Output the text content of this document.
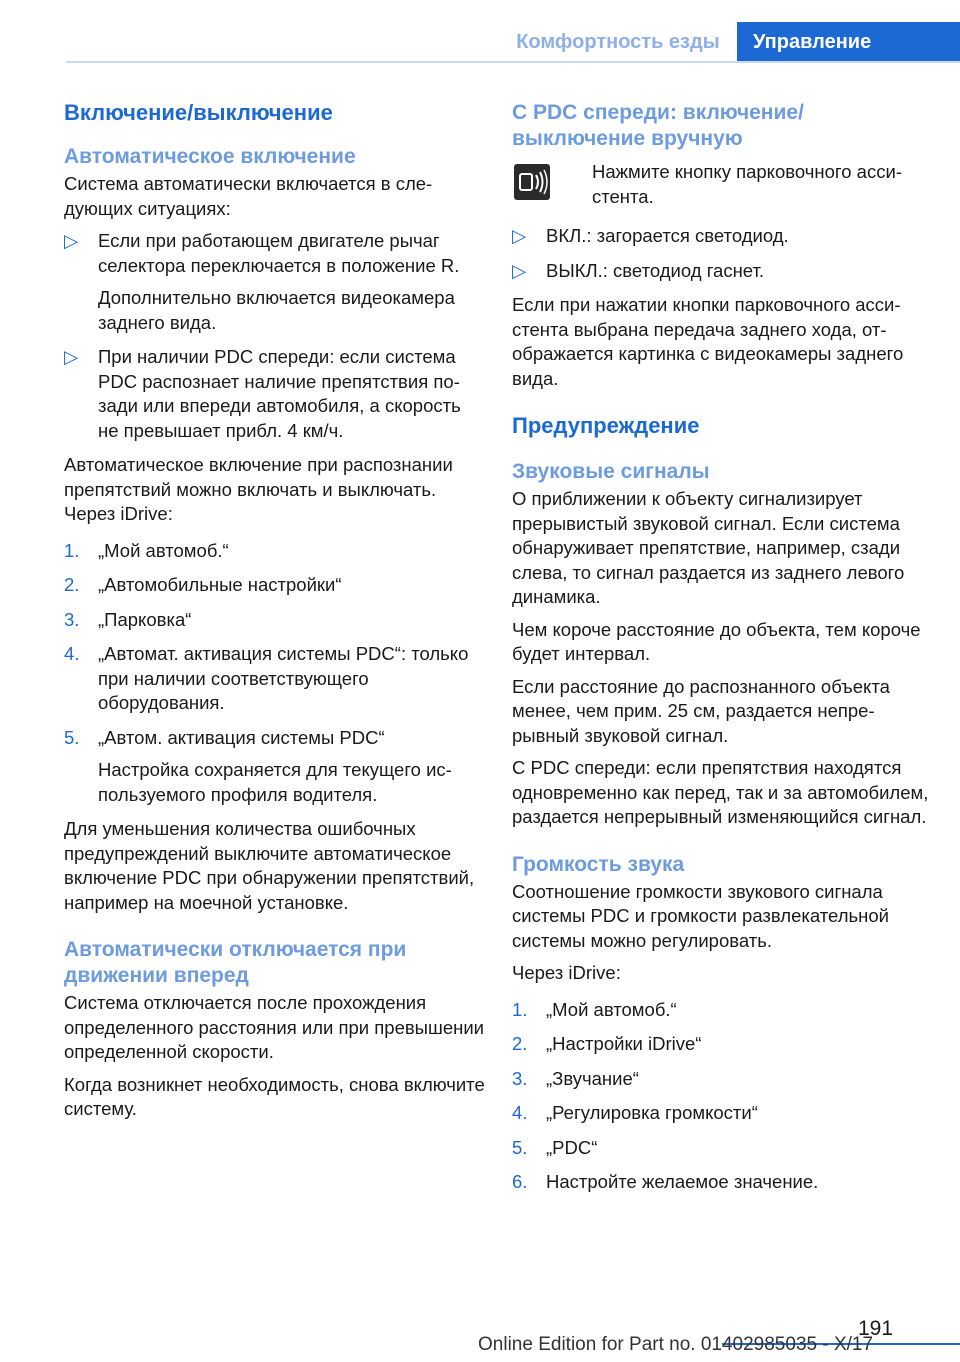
Комфортность езды	Управление
Включение/выключение
Автоматическое включение

Система автоматически включается в следующих ситуациях:

▷ Если при работающем двигателе рычаг селектора переключается в положение R.
Дополнительно включается видеокамера заднего вида.
▷ При наличии PDC спереди: если система PDC распознает наличие препятствия позади или впереди автомобиля, а скорость не превышает прибл. 4 км/ч.

Автоматическое включение при распознании препятствий можно включать и выключать. Через iDrive:

1. „Мой автомоб.“
2. „Автомобильные настройки“
3. „Парковка“
4. „Автомат. активация системы PDC“: только при наличии соответствующего оборудования.
5. „Автом. активация системы PDC“
Настройка сохраняется для текущего используемого профиля водителя.

Для уменьшения количества ошибочных предупреждений выключите автоматическое включение PDC при обнаружении препятствий, например на моечной установке.

Автоматически отключается при движении вперед

Система отключается после прохождения определенного расстояния или при превышении определенной скорости.

Когда возникнет необходимость, снова включите систему.

С PDC спереди: включение/выключение вручную
Нажмите кнопку парковочного ассистента.
▷ ВКЛ.: загорается светодиод.
▷ ВЫКЛ.: светодиод гаснет.

Если при нажатии кнопки парковочного ассистента выбрана передача заднего хода, отображается картинка с видеокамеры заднего вида.

Предупреждение
Звуковые сигналы

О приближении к объекту сигнализирует прерывистый звуковой сигнал. Если система обнаруживает препятствие, например, сзади слева, то сигнал раздается из заднего левого динамика.

Чем короче расстояние до объекта, тем короче будет интервал.

Если расстояние до распознанного объекта менее, чем прим. 25 см, раздается непрерывный звуковой сигнал.

С PDC спереди: если препятствия находятся одновременно как перед, так и за автомобилем, раздается непрерывный изменяющийся сигнал.

Громкость звука

Соотношение громкости звукового сигнала системы PDC и громкости развлекательной системы можно регулировать.

Через iDrive:

1. „Мой автомоб.“
2. „Настройки iDrive“
3. „Звучание“
4. „Регулировка громкости“
5. „PDC“
6. Настройте желаемое значение.
191
Online Edition for Part no. 01402985035 - X/17
